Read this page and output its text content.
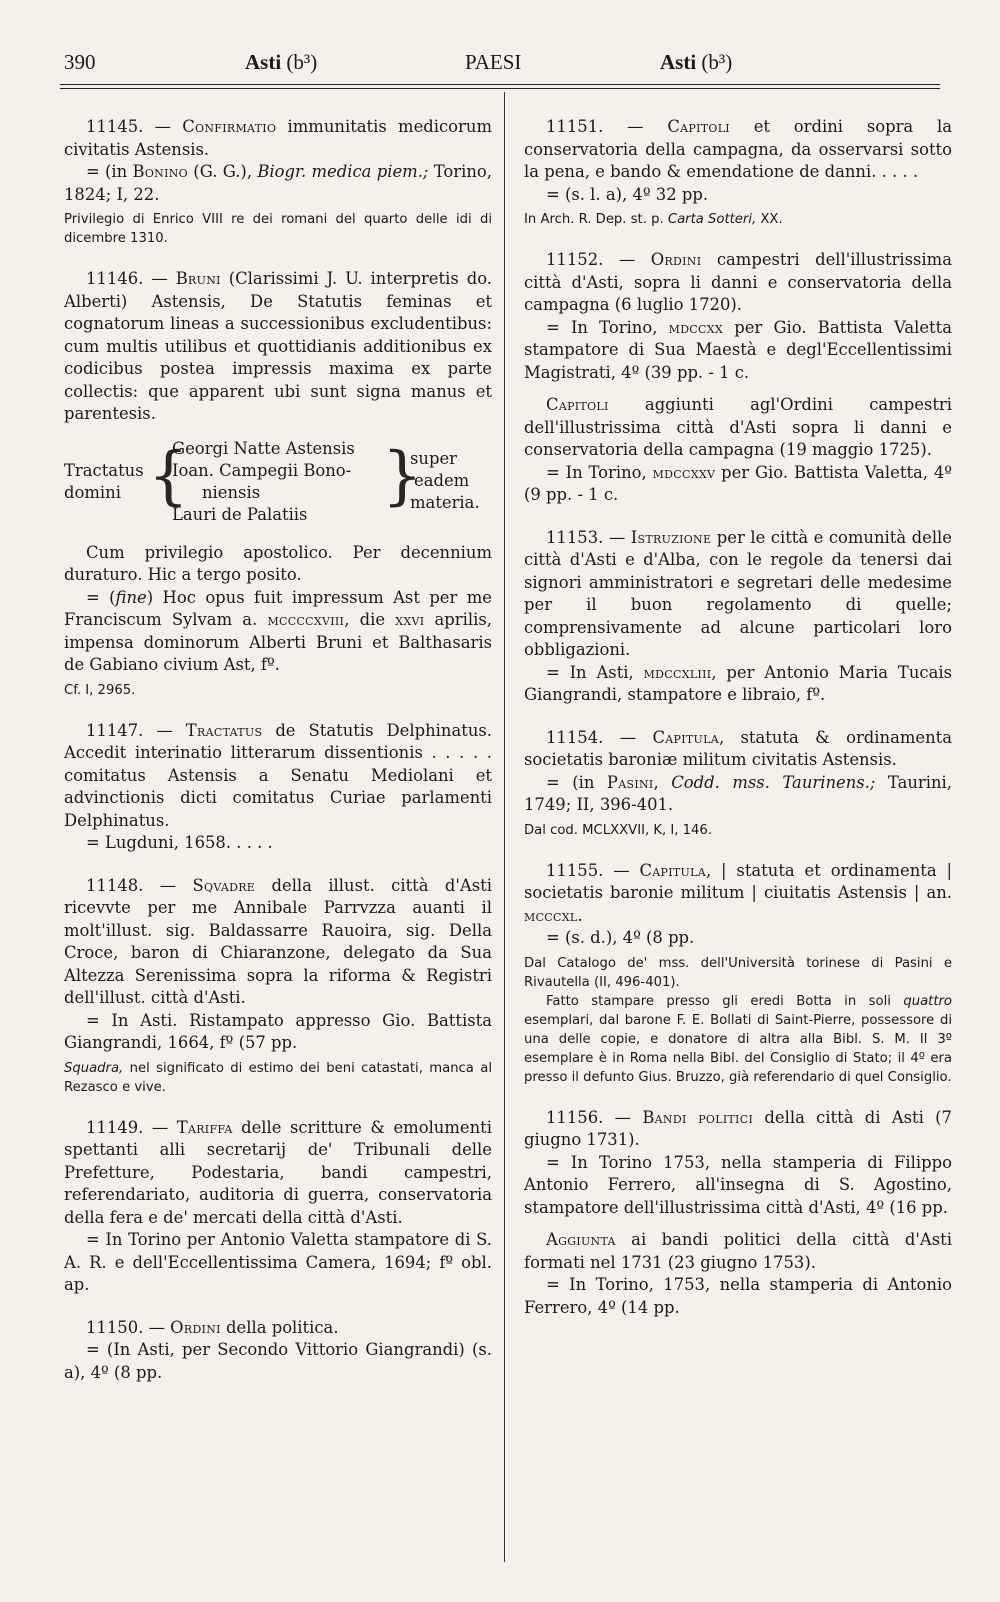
390	Asti (b³)	PAESI	Asti (b³)

11145. — Confirmatio immunitatis medicorum civitatis Astensis.

= (in Bonino (G. G.), Biogr. medica piem.; Torino, 1824; I, 22.

Privilegio di Enrico VIII re dei romani del quarto delle idi di dicembre 1310.

11146. — Bruni (Clarissimi J. U. interpretis do. Alberti) Astensis, De Statutis feminas et cognatorum lineas a successionibus excludentibus: cum multis utilibus et quottidianis additionibus ex codicibus postea impressis maxima ex parte collectis: que apparent ubi sunt signa manus et parentesis.

Tractatus
domini {
Georgi Natte Astensis
Ioan. Campegii Bono-
niensis
Lauri de Palatiis
}
super
eadem
materia.

Cum privilegio apostolico. Per decennium duraturo. Hic a tergo posito.

= (fine) Hoc opus fuit impressum Ast per me Franciscum Sylvam a. mccccxviii, die xxvi aprilis, impensa dominorum Alberti Bruni et Balthasaris de Gabiano civium Ast, fº.

Cf. I, 2965.

11147. — Tractatus de Statutis Delphinatus. Accedit interinatio litterarum dissentionis . . . . . comitatus Astensis a Senatu Mediolani et advinctionis dicti comitatus Curiae parlamenti Delphinatus.

= Lugduni, 1658. . . . .

11148. — Sqvadre della illust. città d'Asti ricevvte per me Annibale Parrvzza auanti il molt'illust. sig. Baldassarre Rauoira, sig. Della Croce, baron di Chiaranzone, delegato da Sua Altezza Serenissima sopra la riforma & Registri dell'illust. città d'Asti.

= In Asti. Ristampato appresso Gio. Battista Giangrandi, 1664, fº (57 pp.

Squadra, nel significato di estimo dei beni catastati, manca al Rezasco e vive.

11149. — Tariffa delle scritture & emolumenti spettanti alli secretarij de' Tribunali delle Prefetture, Podestaria, bandi campestri, referendariato, auditoria di guerra, conservatoria della fera e de' mercati della città d'Asti.

= In Torino per Antonio Valetta stampatore di S. A. R. e dell'Eccellentissima Camera, 1694; fº obl. ap.

11150. — Ordini della politica.

= (In Asti, per Secondo Vittorio Giangrandi) (s. a), 4º (8 pp.

11151. — Capitoli et ordini sopra la conservatoria della campagna, da osservarsi sotto la pena, e bando & emendatione de danni. . . . .

= (s. l. a), 4º 32 pp.

In Arch. R. Dep. st. p. Carta Sotteri, XX.

11152. — Ordini campestri dell'illustrissima città d'Asti, sopra li danni e conservatoria della campagna (6 luglio 1720).

= In Torino, mdccxx per Gio. Battista Valetta stampatore di Sua Maestà e degl'Eccellentissimi Magistrati, 4º (39 pp. - 1 c.

Capitoli aggiunti agl'Ordini campestri dell'illustrissima città d'Asti sopra li danni e conservatoria della campagna (19 maggio 1725).

= In Torino, mdccxxv per Gio. Battista Valetta, 4º (9 pp. - 1 c.

11153. — Istruzione per le città e comunità delle città d'Asti e d'Alba, con le regole da tenersi dai signori amministratori e segretari delle medesime per il buon regolamento di quelle; comprensivamente ad alcune particolari loro obbligazioni.

= In Asti, mdccxliii, per Antonio Maria Tucais Giangrandi, stampatore e libraio, fº.

11154. — Capitula, statuta & ordinamenta societatis baroniæ militum civitatis Astensis.

= (in Pasini, Codd. mss. Taurinens.; Taurini, 1749; II, 396-401.

Dal cod. MCLXXVII, K, I, 146.

11155. — Capitula, | statuta et ordinamenta | societatis baronie militum | ciuitatis Astensis | an. mcccxl.

= (s. d.), 4º (8 pp.

Dal Catalogo de' mss. dell'Università torinese di Pasini e Rivautella (II, 496-401).

Fatto stampare presso gli eredi Botta in soli quattro esemplari, dal barone F. E. Bollati di Saint-Pierre, possessore di una delle copie, e donatore di altra alla Bibl. S. M. Il 3º esemplare è in Roma nella Bibl. del Consiglio di Stato; il 4º era presso il defunto Gius. Bruzzo, già referendario di quel Consiglio.

11156. — Bandi politici della città di Asti (7 giugno 1731).

= In Torino 1753, nella stamperia di Filippo Antonio Ferrero, all'insegna di S. Agostino, stampatore dell'illustrissima città d'Asti, 4º (16 pp.

Aggiunta ai bandi politici della città d'Asti formati nel 1731 (23 giugno 1753).

= In Torino, 1753, nella stamperia di Antonio Ferrero, 4º (14 pp.
